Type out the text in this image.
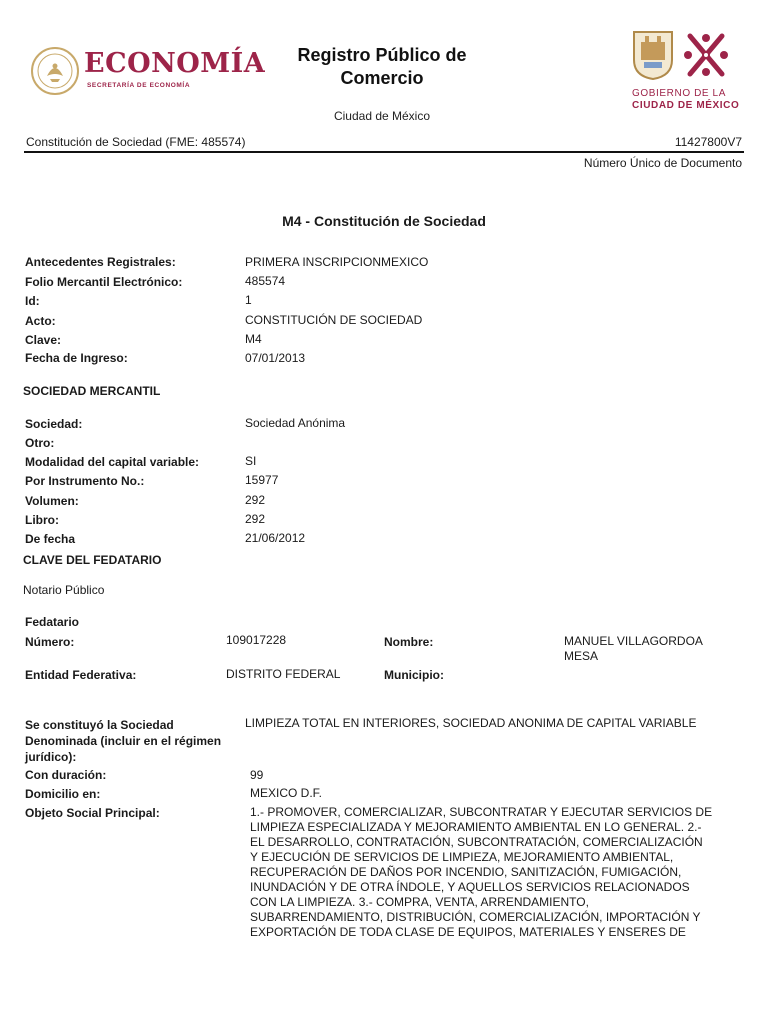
ECONOMÍA
SECRETARÍA DE ECONOMÍA
Registro Público de
Comercio
Ciudad de México
GOBIERNO DE LA
CIUDAD DE MÉXICO
Constitución de Sociedad (FME: 485574)	11427800V7
Número Único de Documento
M4 - Constitución de Sociedad
Antecedentes Registrales:	PRIMERA INSCRIPCIONMEXICO
Folio Mercantil Electrónico:	485574
Id:	1
Acto:	CONSTITUCIÓN DE SOCIEDAD
Clave:	M4
Fecha de Ingreso:	07/01/2013
SOCIEDAD MERCANTIL
Sociedad:	Sociedad Anónima
Otro:
Modalidad del capital variable:	SI
Por Instrumento No.:	15977
Volumen:	292
Libro:	292
De fecha	21/06/2012
CLAVE DEL FEDATARIO
Notario Público
Fedatario
Número:	109017228	Nombre:	MANUEL VILLAGORDOA
MESA
Entidad Federativa:	DISTRITO FEDERAL	Municipio:
Se constituyó la Sociedad
Denominada (incluir en el régimen
jurídico):
LIMPIEZA TOTAL EN INTERIORES, SOCIEDAD ANONIMA DE CAPITAL VARIABLE
Con duración:	99
Domicilio en:	MEXICO D.F.
Objeto Social Principal:	1.- PROMOVER, COMERCIALIZAR, SUBCONTRATAR Y EJECUTAR SERVICIOS DE
LIMPIEZA ESPECIALIZADA Y MEJORAMIENTO AMBIENTAL EN LO GENERAL. 2.-
EL DESARROLLO, CONTRATACIÓN, SUBCONTRATACIÓN, COMERCIALIZACIÓN
Y EJECUCIÓN DE SERVICIOS DE LIMPIEZA, MEJORAMIENTO AMBIENTAL,
RECUPERACIÓN DE DAÑOS POR INCENDIO, SANITIZACIÓN, FUMIGACIÓN,
INUNDACIÓN Y DE OTRA ÍNDOLE, Y AQUELLOS SERVICIOS RELACIONADOS
CON LA LIMPIEZA. 3.- COMPRA, VENTA, ARRENDAMIENTO,
SUBARRENDAMIENTO, DISTRIBUCIÓN, COMERCIALIZACIÓN, IMPORTACIÓN Y
EXPORTACIÓN DE TODA CLASE DE EQUIPOS, MATERIALES Y ENSERES DE
